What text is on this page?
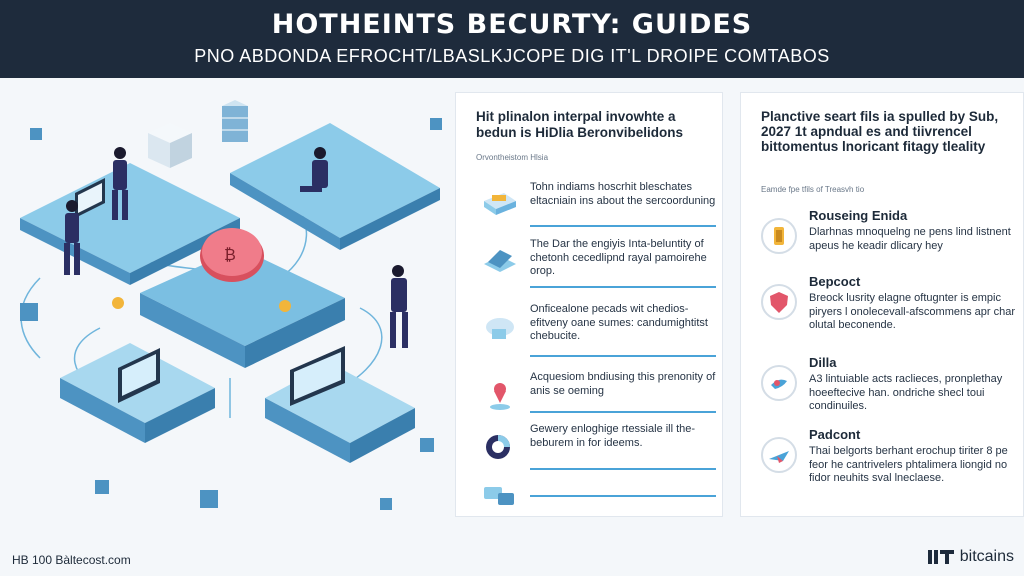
HOTHEINTS BECURTY: GUIDES
PNO ABDONDA EFROCHT/LBASLKJCOPE DIG IT'L DROIPE COMTABOS
₿
Hit plinalon interpal invowhte a bedun is HiDlia Beronvibelidons
Orvontheistom Hlsia
Tohn indiams hoscrhit bleschates eltacniain ins about the sercoorduning
The Dar the engiyis Inta-beluntity of chetonh cecedlipnd rayal pamoirehe orop.
Onficealone pecads wit chedios-efitveny oane sumes: candumightitst chebucite.
Acquesiom bndiusing this prenonity of anis se oeming
Gewery enloghige rtessiale ill the-beburem in for ideems.
Planctive seart fils ia spulled by Sub, 2027 1t apndual es and tiivrencel bittomentus lnoricant fitagy tleality
Eamde fpe tfils of Treasvh tio
Rouseing Enida
Dlarhnas mnoquelng ne pens lind listnent apeus he keadir dlicary hey
Bepcoct
Breock lusrity elagne oftugnter is empic piryers l onolecevall-afscommens apr char olutal beconende.
Dilla
A3 lintuiable acts raclieces, pronplethay hoeeftecive han. ondriche shecl toui condinuiles.
Padcont
Thai belgorts berhant erochup tiriter 8 pe feor he cantrivelers phtalimera liongid no fidor neuhits sval lneclaese.
HB 100 Bàltecost.com	bitcains
